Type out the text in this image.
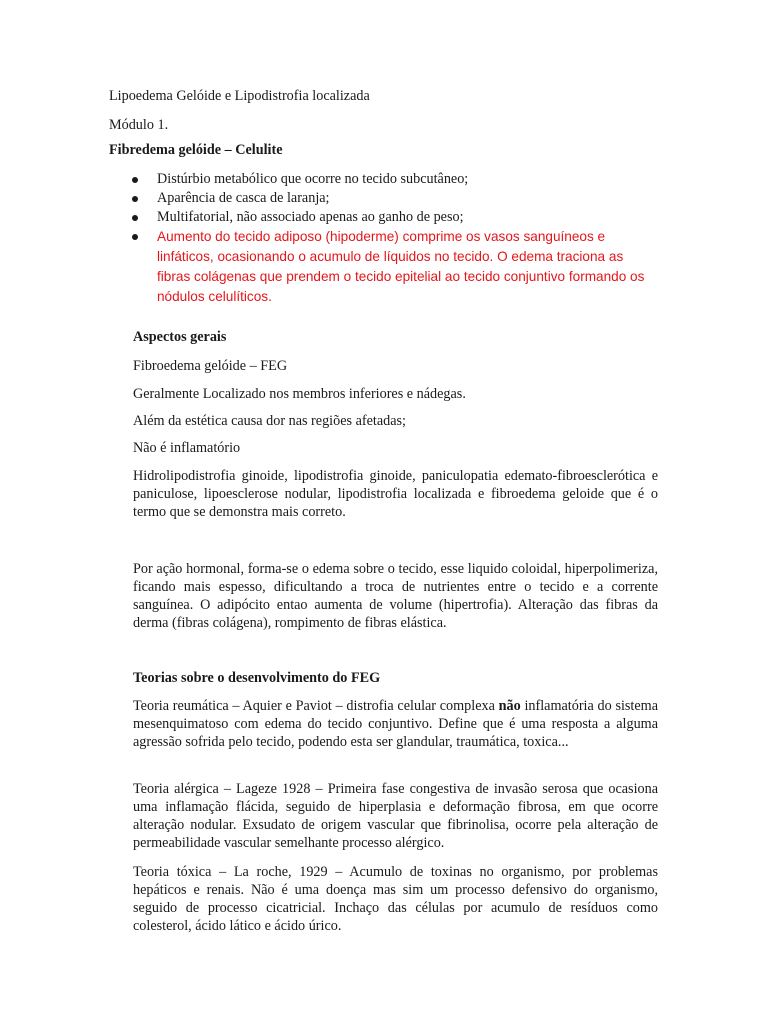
Lipoedema Gelóide e Lipodistrofia localizada
Módulo 1.
Fibredema gelóide – Celulite
Distúrbio metabólico que ocorre no tecido subcutâneo;
Aparência de casca de laranja;
Multifatorial, não associado apenas ao ganho de peso;
Aumento do tecido adiposo (hipoderme) comprime os vasos sanguíneos e linfáticos, ocasionando o acumulo de líquidos no tecido. O edema traciona as fibras colágenas que prendem o tecido epitelial ao tecido conjuntivo formando os nódulos celulíticos.
Aspectos gerais
Fibroedema gelóide – FEG
Geralmente Localizado nos membros inferiores e nádegas.
Além da estética causa dor nas regiões afetadas;
Não é inflamatório
Hidrolipodistrofia ginoide, lipodistrofia ginoide, paniculopatia edemato-fibroesclerótica e paniculose, lipoesclerose nodular, lipodistrofia localizada e fibroedema geloide que é o termo que se demonstra mais correto.
Por ação hormonal, forma-se o edema sobre o tecido, esse liquido coloidal, hiperpolimeriza, ficando mais espesso, dificultando a troca de nutrientes entre o tecido e a corrente sanguínea. O adipócito entao aumenta de volume (hipertrofia). Alteração das fibras da derma (fibras colágena), rompimento de fibras elástica.
Teorias sobre o desenvolvimento do FEG
Teoria reumática – Aquier e Paviot – distrofia celular complexa não inflamatória do sistema mesenquimatoso com edema do tecido conjuntivo. Define que é uma resposta a alguma agressão sofrida pelo tecido, podendo esta ser glandular, traumática, toxica...
Teoria alérgica – Lageze 1928 – Primeira fase congestiva de invasão serosa que ocasiona uma inflamação flácida, seguido de hiperplasia e deformação fibrosa, em que ocorre alteração nodular. Exsudato de origem vascular que fibrinolisa, ocorre pela alteração de permeabilidade vascular semelhante processo alérgico.
Teoria tóxica – La roche, 1929 – Acumulo de toxinas no organismo, por problemas hepáticos e renais. Não é uma doença mas sim um processo defensivo do organismo, seguido de processo cicatricial. Inchaço das células por acumulo de resíduos como colesterol, ácido lático e ácido úrico.
